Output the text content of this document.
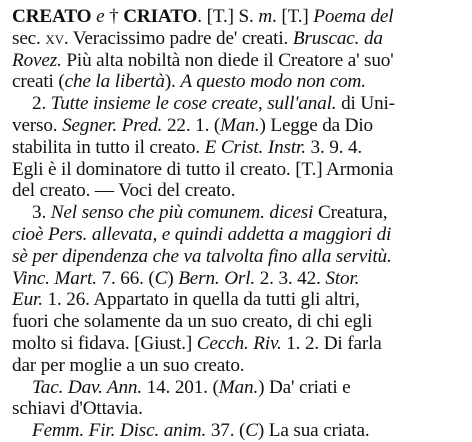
CREATO e † CRIATO. [T.] S. m. [T.] Poema del
sec. xv. Veracissimo padre de' creati. Bruscac. da
Rovez. Più alta nobiltà non diede il Creatore a' suo'
creati (che la libertà). A questo modo non com.
2. Tutte insieme le cose create, sull'anal. di Uni-
verso. Segner. Pred. 22. 1. (Man.) Legge da Dio
stabilita in tutto il creato. E Crist. Instr. 3. 9. 4.
Egli è il dominatore di tutto il creato. [T.] Armonia
del creato. — Voci del creato.
3. Nel senso che più comunem. dicesi Creatura,
cioè Pers. allevata, e quindi addetta a maggiori di
sè per dipendenza che va talvolta fino alla servitù.
Vinc. Mart. 7. 66. (C) Bern. Orl. 2. 3. 42. Stor.
Eur. 1. 26. Appartato in quella da tutti gli altri,
fuori che solamente da un suo creato, di chi egli
molto si fidava. [Giust.] Cecch. Riv. 1. 2. Di farla
dar per moglie a un suo creato.
Tac. Dav. Ann. 14. 201. (Man.) Da' criati e
schiavi d'Ottavia.
Femm. Fir. Disc. anim. 37. (C) La sua criata.
